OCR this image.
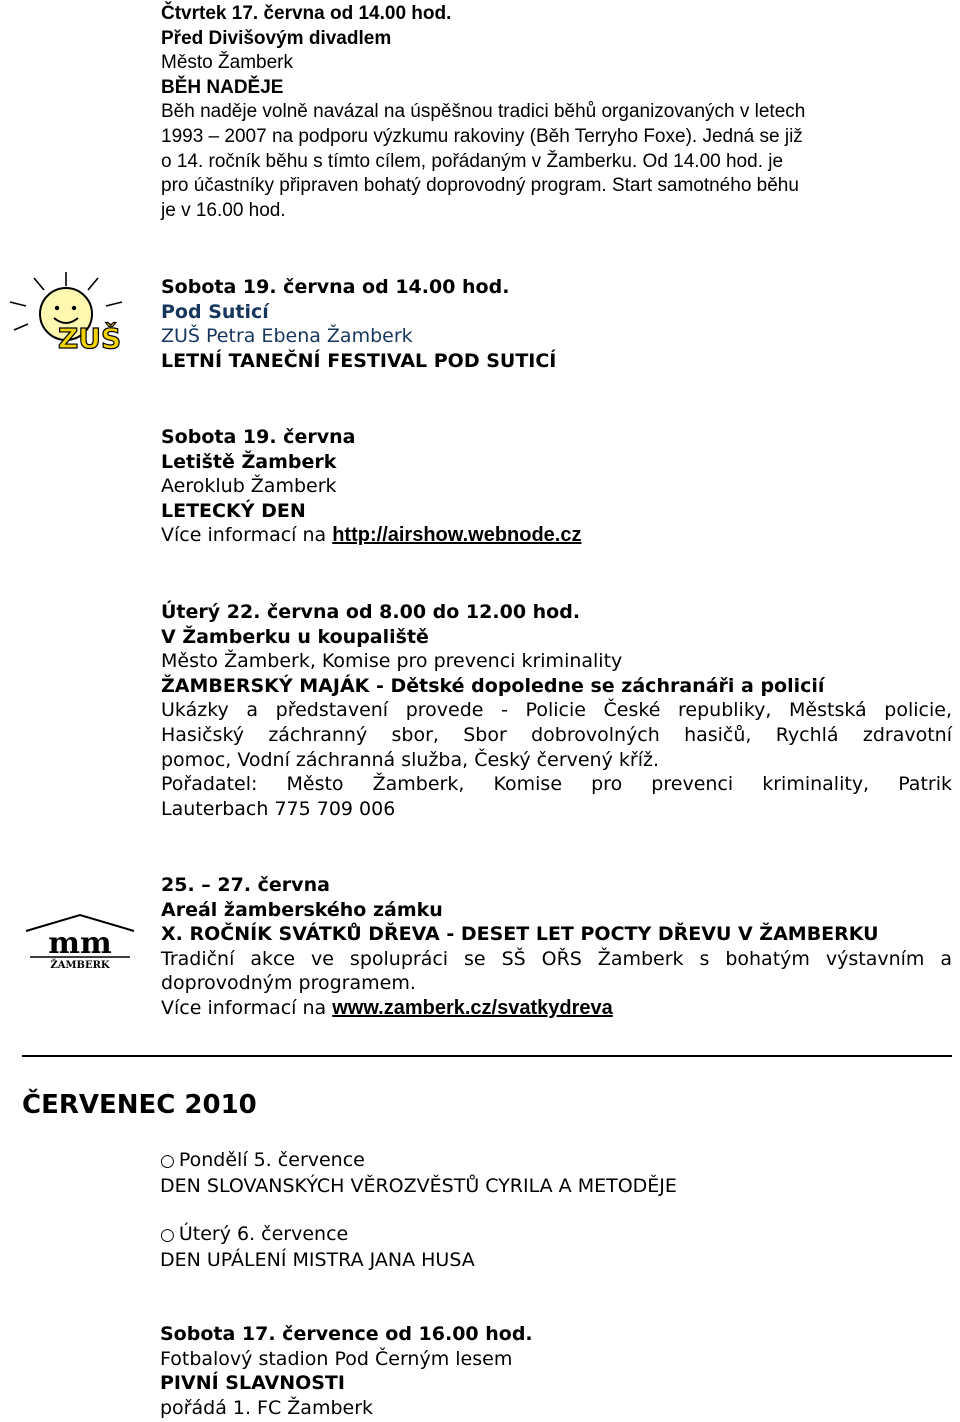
Čtvrtek 17. června od 14.00 hod.
Před Divišovým divadlem
Město Žamberk
BĚH NADĚJE
Běh naděje volně navázal na úspěšnou tradici běhů organizovaných v letech
1993 – 2007 na podporu výzkumu rakoviny (Běh Terryho Foxe). Jedná se již
o 14. ročník běhu s tímto cílem, pořádaným v Žamberku. Od 14.00 hod. je
pro účastníky připraven bohatý doprovodný program. Start samotného běhu
je v 16.00 hod.
ZUŠ
Sobota 19. června od 14.00 hod.
Pod Suticí
ZUŠ Petra Ebena Žamberk
LETNÍ TANEČNÍ FESTIVAL POD SUTICÍ
Sobota 19. června
Letiště Žamberk
Aeroklub Žamberk
LETECKÝ DEN
Více informací na http://airshow.webnode.cz
Úterý 22. června od 8.00 do 12.00 hod.
V Žamberku u koupaliště
Město Žamberk, Komise pro prevenci kriminality
ŽAMBERSKÝ MAJÁK - Dětské dopoledne se záchranáři a policií
Ukázky a představení provede - Policie České republiky, Městská policie,
Hasičský záchranný sbor, Sbor dobrovolných hasičů, Rychlá zdravotní
pomoc, Vodní záchranná služba, Český červený kříž.
Pořadatel: Město Žamberk, Komise pro prevenci kriminality, Patrik
Lauterbach 775 709 006
mm
ŽAMBERK
25. – 27. června
Areál žamberského zámku
X. ROČNÍK SVÁTKŮ DŘEVA - DESET LET POCTY DŘEVU V ŽAMBERKU
Tradiční akce ve spolupráci se SŠ OŘS Žamberk s bohatým výstavním a
doprovodným programem.
Více informací na www.zamberk.cz/svatkydreva
ČERVENEC 2010
○ Pondělí 5. července
DEN SLOVANSKÝCH VĚROZVĚSTŮ CYRILA A METODĚJE
○ Úterý 6. července
DEN UPÁLENÍ MISTRA JANA HUSA
Sobota 17. července od 16.00 hod.
Fotbalový stadion Pod Černým lesem
PIVNÍ SLAVNOSTI
pořádá 1. FC Žamberk
